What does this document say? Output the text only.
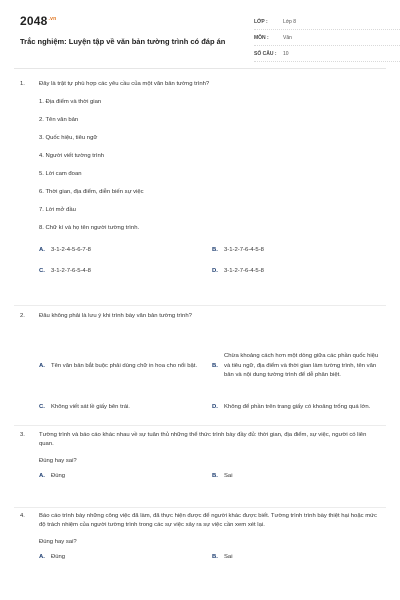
$2048^{.vn}$
Trắc nghiệm: Luyện tập về văn bản tường trình có đáp án
LỚP :	Lớp 8
MÔN :	Văn
SỐ CÂU :	10
1.	Đây là trật tự phù hợp các yêu cầu của một văn bản tường trình?
1. Địa điểm và thời gian
2. Tên văn bản
3. Quốc hiệu, tiêu ngữ
4. Người viết tường trình
5. Lời cam đoan
6. Thời gian, địa điểm, diễn biến sự việc
7. Lời mở đầu
8. Chữ kí và họ tên người tường trình.
A.	3-1-2-4-5-6-7-8	B.	3-1-2-7-6-4-5-8
C.	3-1-2-7-6-5-4-8	D.	3-1-2-7-6-4-5-8
2.	Đâu không phải là lưu ý khi trình bày văn bản tường trình?
A.	Tên văn bản bắt buộc phải dùng chữ in hoa cho nổi bật.	B.
Chừa khoảng cách hơn một dòng giữa các phần quốc hiệu và tiêu ngữ, địa điểm và thời gian làm tường trình, tên văn bản và nội dung tường trình để dễ phân biệt.
C.	Không viết sát lề giấy bên trái.	D.	Không để phần trên trang giấy có khoảng trống quá lớn.
3.	Tường trình và báo cáo khác nhau về sự tuân thủ những thể thức trình bày đầy đủ: thời gian, địa điểm, sự việc, người có liên quan.
Đúng hay sai?
A.	Đúng	B.	Sai
4.	Báo cáo trình bày những công việc đã làm, đã thực hiện được để người khác được biết. Tường trình trình bày thiệt hại hoặc mức độ trách nhiệm của người tường trình trong các sự việc xảy ra sự việc cần xem xét lại.
Đúng hay sai?
A.	Đúng	B.	Sai
